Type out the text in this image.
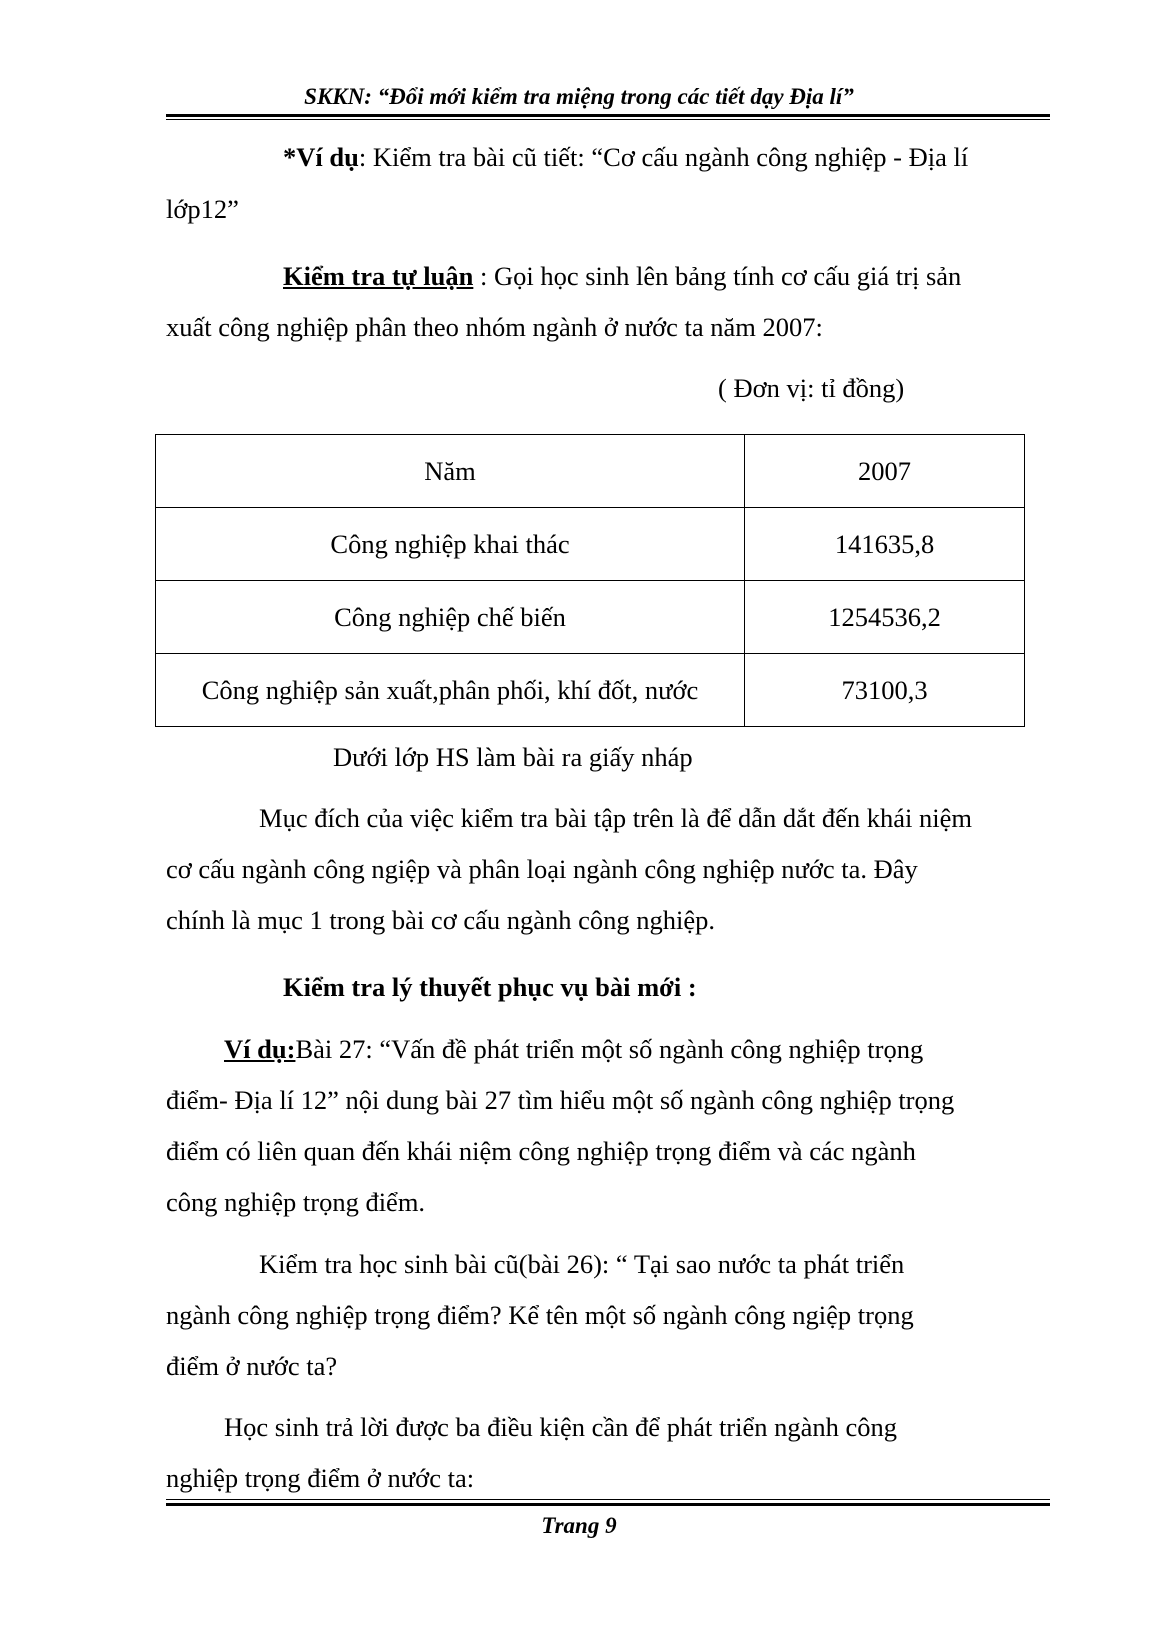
SKKN: “Đổi mới kiểm tra miệng trong các tiết dạy Địa lí”
*Ví dụ: Kiểm tra bài cũ tiết: “Cơ cấu ngành công nghiệp - Địa lí
lớp12”
Kiểm tra tự luận : Gọi học sinh lên bảng tính cơ cấu giá trị sản
xuất công nghiệp phân theo nhóm ngành ở nước ta năm 2007:
( Đơn vị: tỉ đồng)
Năm	2007
Công nghiệp khai thác	141635,8
Công nghiệp chế biến	1254536,2
Công nghiệp sản xuất,phân phối, khí đốt, nước	73100,3
Dưới lớp HS làm bài ra giấy nháp
Mục đích của việc kiểm tra bài tập trên là để dẫn dắt đến khái niệm
cơ cấu ngành công ngiệp và phân loại ngành công nghiệp nước ta. Đây
chính là mục 1 trong bài cơ cấu ngành công nghiệp.
Kiểm tra lý thuyết phục vụ bài mới :
Ví dụ:Bài 27: “Vấn đề phát triển một số ngành công nghiệp trọng
điểm- Địa lí 12” nội dung bài 27 tìm hiểu một số ngành công nghiệp trọng
điểm có liên quan đến khái niệm công nghiệp trọng điểm và các ngành
công nghiệp trọng điểm.
Kiểm tra học sinh bài cũ(bài 26): “ Tại sao nước ta phát triển
ngành công nghiệp trọng điểm? Kể tên một số ngành công ngiệp trọng
điểm ở nước ta?
Học sinh trả lời được ba điều kiện cần để phát triển ngành công
nghiệp trọng điểm ở nước ta:
Trang 9
